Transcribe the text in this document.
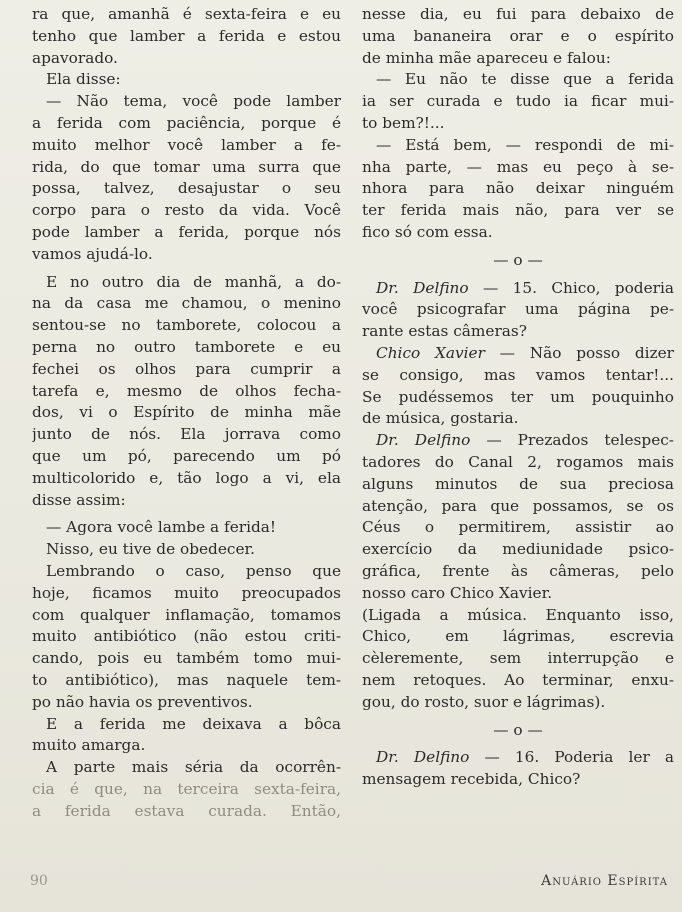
ra que, amanhã é sexta-feira e eu
tenho que lamber a ferida e estou
apavorado.
Ela disse:
— Não tema, você pode lamber
a ferida com paciência, porque é
muito melhor você lamber a fe-
rida, do que tomar uma surra que
possa, talvez, desajustar o seu
corpo para o resto da vida. Você
pode lamber a ferida, porque nós
vamos ajudá-lo.
E no outro dia de manhã, a do-
na da casa me chamou, o menino
sentou-se no tamborete, colocou a
perna no outro tamborete e eu
fechei os olhos para cumprir a
tarefa e, mesmo de olhos fecha-
dos, vi o Espírito de minha mãe
junto de nós. Ela jorrava como
que um pó, parecendo um pó
multicolorido e, tão logo a vi, ela
disse assim:
— Agora você lambe a ferida!
Nisso, eu tive de obedecer.
Lembrando o caso, penso que
hoje, ficamos muito preocupados
com qualquer inflamação, tomamos
muito antibiótico (não estou criti-
cando, pois eu também tomo mui-
to antibiótico), mas naquele tem-
po não havia os preventivos.
E a ferida me deixava a bôca
muito amarga.
A parte mais séria da ocorrên-
cia é que, na terceira sexta-feira,
a ferida estava curada. Então,
nesse dia, eu fui para debaixo de
uma bananeira orar e o espírito
de minha mãe apareceu e falou:
— Eu não te disse que a ferida
ia ser curada e tudo ia ficar mui-
to bem?!...
— Está bem, — respondi de mi-
nha parte, — mas eu peço à se-
nhora para não deixar ninguém
ter ferida mais não, para ver se
fico só com essa.
— o —
Dr. Delfino — 15. Chico, poderia
você psicografar uma página pe-
rante estas câmeras?
Chico Xavier — Não posso dizer
se consigo, mas vamos tentar!...
Se pudéssemos ter um pouquinho
de música, gostaria.
Dr. Delfino — Prezados telespec-
tadores do Canal 2, rogamos mais
alguns minutos de sua preciosa
atenção, para que possamos, se os
Céus o permitirem, assistir ao
exercício da mediunidade psico-
gráfica, frente às câmeras, pelo
nosso caro Chico Xavier.
(Ligada a música. Enquanto isso,
Chico, em lágrimas, escrevia
cèleremente, sem interrupção e
nem retoques. Ao terminar, enxu-
gou, do rosto, suor e lágrimas).
— o —
Dr. Delfino — 16. Poderia ler a
mensagem recebida, Chico?
90	Anuário Espírita
